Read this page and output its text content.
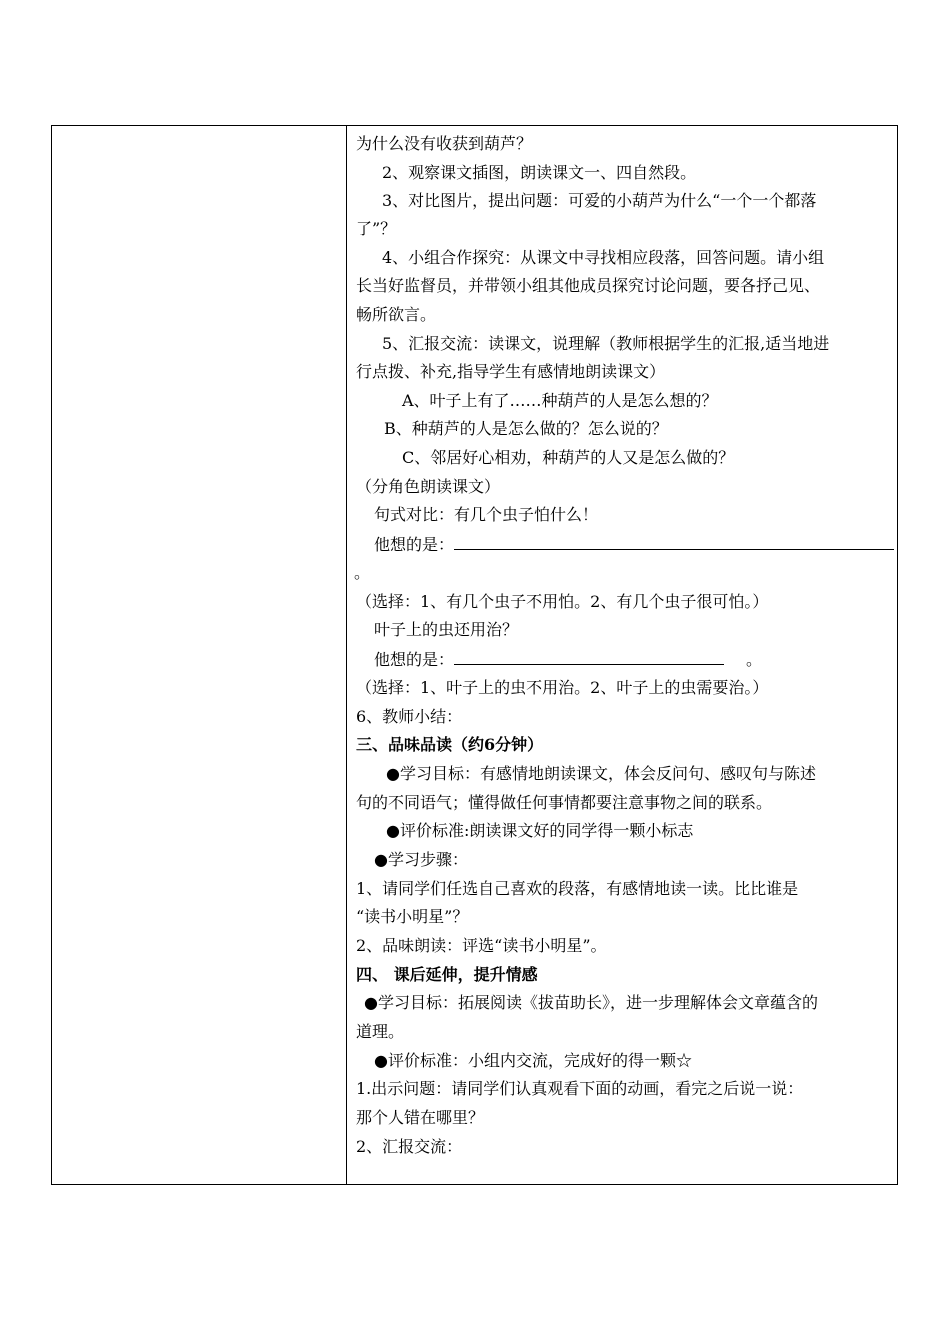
为什么没有收获到葫芦？
2、观察课文插图，朗读课文一、四自然段。
3、对比图片，提出问题：可爱的小葫芦为什么“一个一个都落
了”？
4、小组合作探究：从课文中寻找相应段落，回答问题。请小组
长当好监督员，并带领小组其他成员探究讨论问题，要各抒己见、
畅所欲言。
5、汇报交流：读课文，说理解（教师根据学生的汇报,适当地进
行点拨、补充,指导学生有感情地朗读课文）
A、叶子上有了……种葫芦的人是怎么想的？
B、种葫芦的人是怎么做的？怎么说的？
C、邻居好心相劝，种葫芦的人又是怎么做的？
（分角色朗读课文）
句式对比：有几个虫子怕什么！
他想的是：
。
（选择：1、有几个虫子不用怕。2、有几个虫子很可怕。）
叶子上的虫还用治？
他想的是：	。
（选择：1、叶子上的虫不用治。2、叶子上的虫需要治。）
6、教师小结：
三、品味品读（约6分钟）
●学习目标：有感情地朗读课文，体会反问句、感叹句与陈述
句的不同语气；懂得做任何事情都要注意事物之间的联系。
●评价标准:朗读课文好的同学得一颗小标志
●学习步骤：
1、请同学们任选自己喜欢的段落，有感情地读一读。比比谁是
“读书小明星”？
2、品味朗读：评选“读书小明星”。
四、 课后延伸，提升情感
●学习目标：拓展阅读《拔苗助长》，进一步理解体会文章蕴含的
道理。
●评价标准：小组内交流，完成好的得一颗☆
1.出示问题：请同学们认真观看下面的动画，看完之后说一说：
那个人错在哪里？
2、汇报交流：
